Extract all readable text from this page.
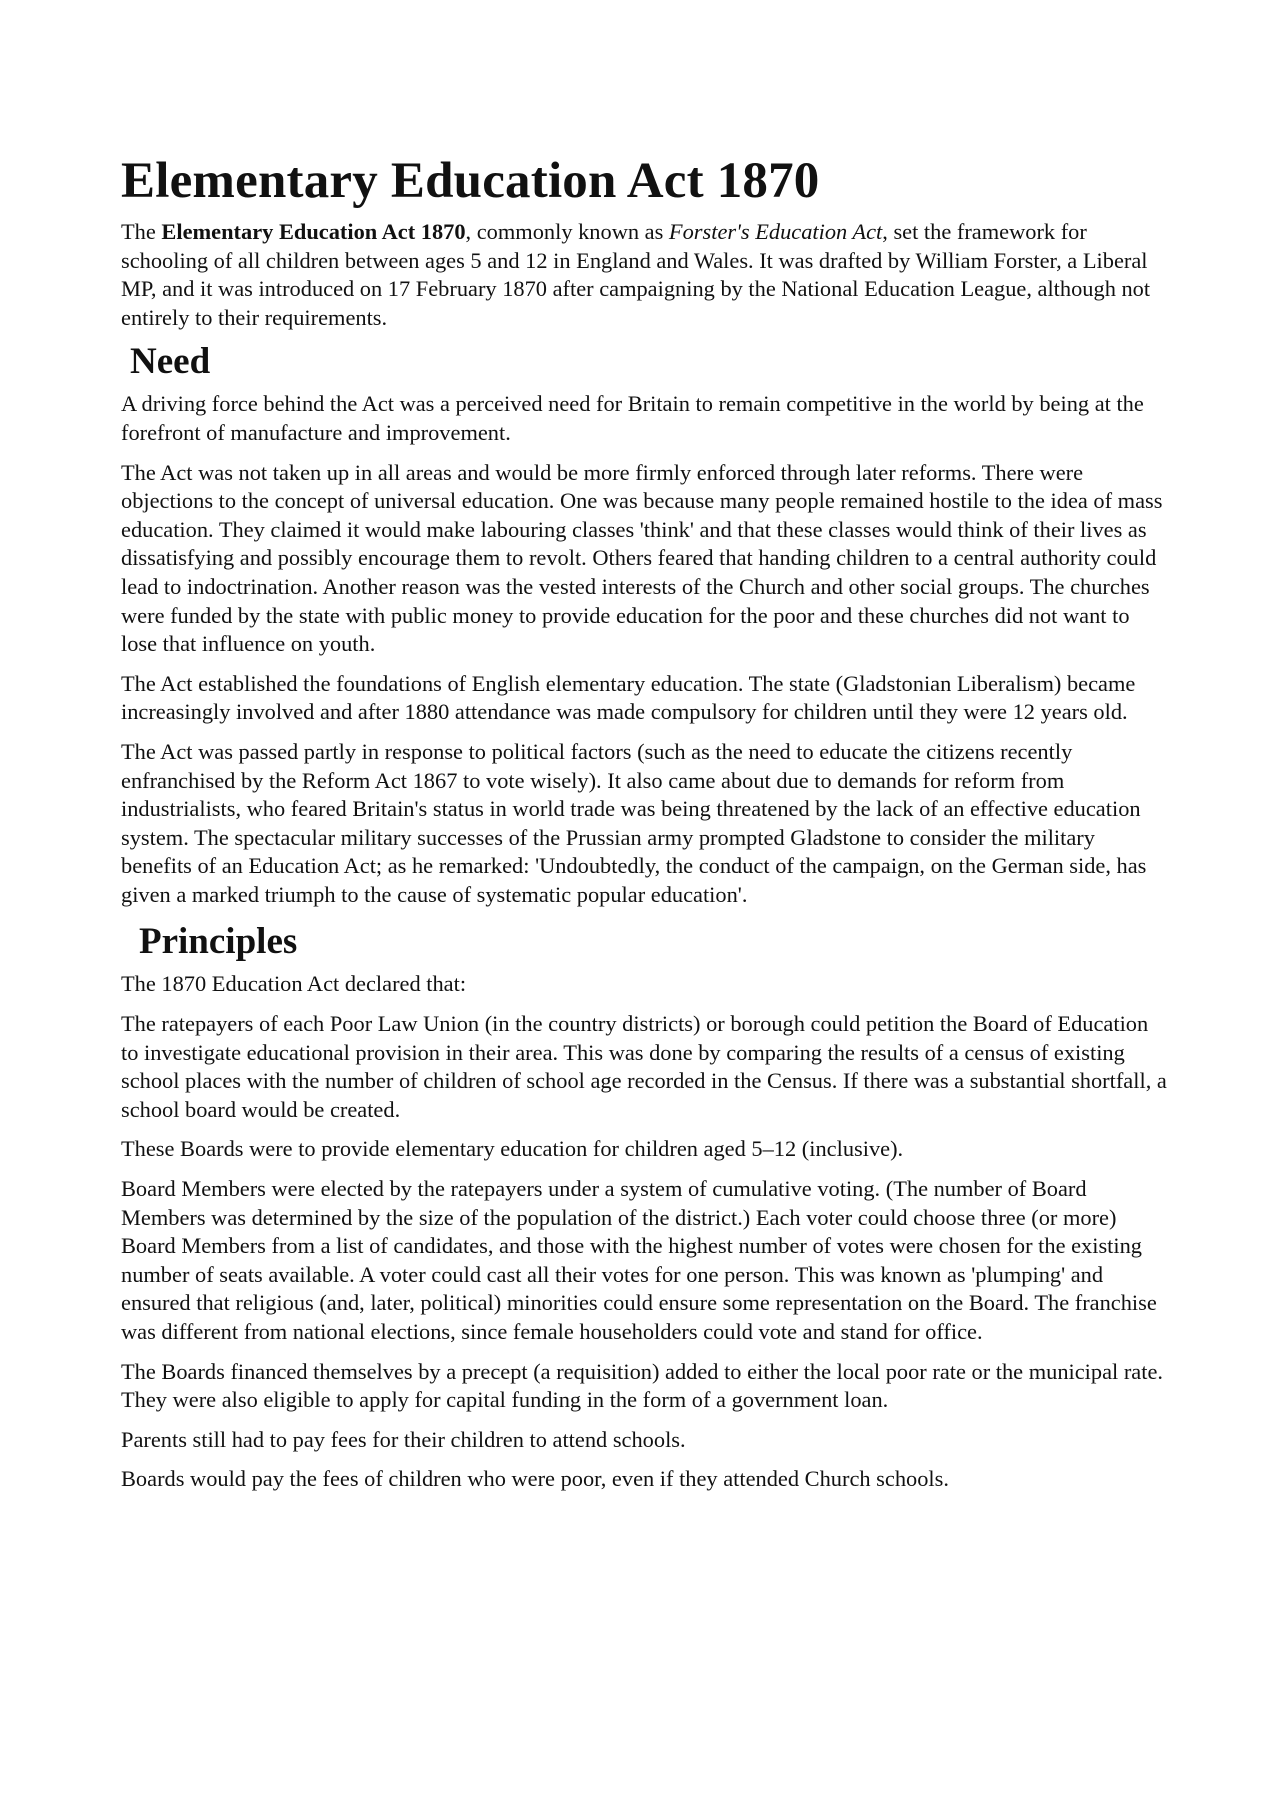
Elementary Education Act 1870

The Elementary Education Act 1870, commonly known as Forster's Education Act, set the framework for schooling of all children between ages 5 and 12 in England and Wales. It was drafted by William Forster, a Liberal MP, and it was introduced on 17 February 1870 after campaigning by the National Education League, although not entirely to their requirements.

Need

A driving force behind the Act was a perceived need for Britain to remain competitive in the world by being at the forefront of manufacture and improvement.

The Act was not taken up in all areas and would be more firmly enforced through later reforms. There were objections to the concept of universal education. One was because many people remained hostile to the idea of mass education. They claimed it would make labouring classes 'think' and that these classes would think of their lives as dissatisfying and possibly encourage them to revolt. Others feared that handing children to a central authority could lead to indoctrination. Another reason was the vested interests of the Church and other social groups. The churches were funded by the state with public money to provide education for the poor and these churches did not want to lose that influence on youth.

The Act established the foundations of English elementary education. The state (Gladstonian Liberalism) became increasingly involved and after 1880 attendance was made compulsory for children until they were 12 years old.

The Act was passed partly in response to political factors (such as the need to educate the citizens recently enfranchised by the Reform Act 1867 to vote wisely). It also came about due to demands for reform from industrialists, who feared Britain's status in world trade was being threatened by the lack of an effective education system. The spectacular military successes of the Prussian army prompted Gladstone to consider the military benefits of an Education Act; as he remarked: 'Undoubtedly, the conduct of the campaign, on the German side, has given a marked triumph to the cause of systematic popular education'.

Principles

The 1870 Education Act declared that:

The ratepayers of each Poor Law Union (in the country districts) or borough could petition the Board of Education to investigate educational provision in their area. This was done by comparing the results of a census of existing school places with the number of children of school age recorded in the Census. If there was a substantial shortfall, a school board would be created.

These Boards were to provide elementary education for children aged 5–12 (inclusive).

Board Members were elected by the ratepayers under a system of cumulative voting. (The number of Board Members was determined by the size of the population of the district.) Each voter could choose three (or more) Board Members from a list of candidates, and those with the highest number of votes were chosen for the existing number of seats available. A voter could cast all their votes for one person. This was known as 'plumping' and ensured that religious (and, later, political) minorities could ensure some representation on the Board. The franchise was different from national elections, since female householders could vote and stand for office.

The Boards financed themselves by a precept (a requisition) added to either the local poor rate or the municipal rate. They were also eligible to apply for capital funding in the form of a government loan.

Parents still had to pay fees for their children to attend schools.

Boards would pay the fees of children who were poor, even if they attended Church schools.
